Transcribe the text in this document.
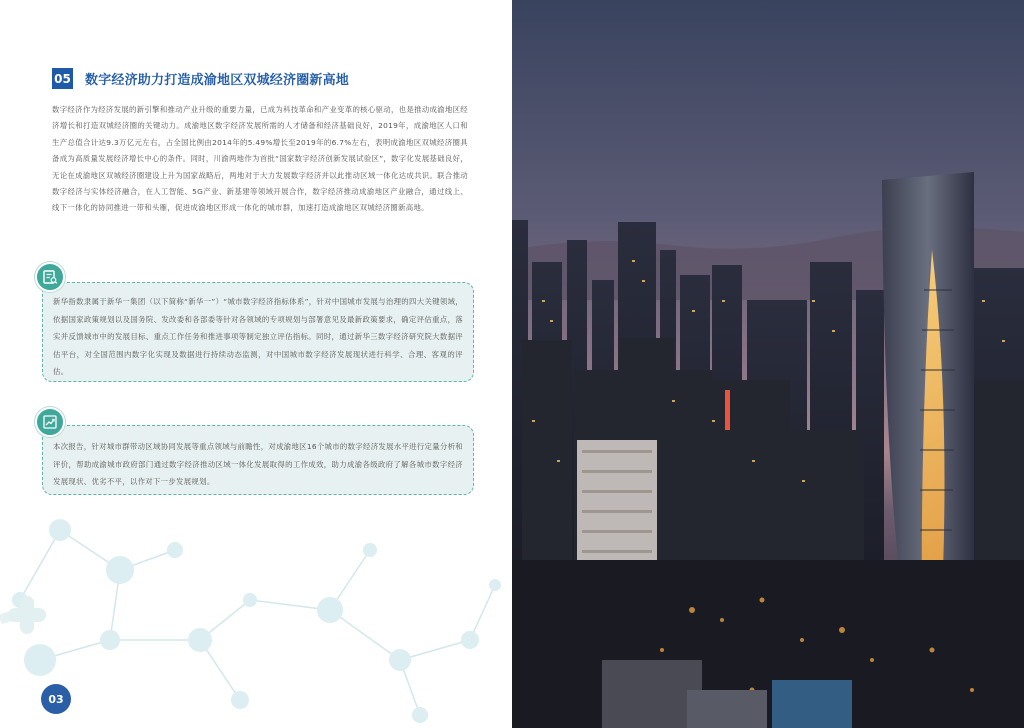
05 数字经济助力打造成渝地区双城经济圈新高地

数字经济作为经济发展的新引擎和推动产业升级的重要力量，已成为科技革命和产业变革的核心驱动，也是推动成渝地区经济增长和打造双城经济圈的关键动力。成渝地区数字经济发展所需的人才储备和经济基础良好，2019年，成渝地区人口和生产总值合计达9.3万亿元左右，占全国比例由2014年的5.49%增长至2019年的6.7%左右，表明成渝地区双城经济圈具备成为高质量发展经济增长中心的条件。同时，川渝两地作为首批“国家数字经济创新发展试验区”，数字化发展基础良好，无论在成渝地区双城经济圈建设上升为国家战略后，两地对于大力发展数字经济并以此推动区域一体化达成共识。联合推动数字经济与实体经济融合，在人工智能、5G产业、新基建等领域开展合作，数字经济推动成渝地区产业融合，通过线上、线下一体化的协同推进一带和头雁，促进成渝地区形成一体化的城市群，加速打造成渝地区双城经济圈新高地。

新华指数隶属于新华一集团（以下简称“新华一”）“城市数字经济指标体系”，针对中国城市发展与治理的四大关键领域，依据国家政策规划以及国务院、发改委和各部委等针对各领域的专项规划与部署意见及最新政策要求，确定评估重点，落实并反馈城市中的发展目标、重点工作任务和推进事项等制定独立评估指标。同时，通过新华三数字经济研究院大数据评估平台，对全国范围内数字化实现及数据进行持续动态监测，对中国城市数字经济发展现状进行科学、合理、客观的评估。

本次报告，针对城市群带动区域协同发展等重点领域与前瞻性，对成渝地区16个城市的数字经济发展水平进行定量分析和评价，帮助成渝城市政府部门通过数字经济推动区域一体化发展取得的工作成效，助力成渝各级政府了解各城市数字经济发展现状、优劣不平，以作对下一步发展规划。

03
